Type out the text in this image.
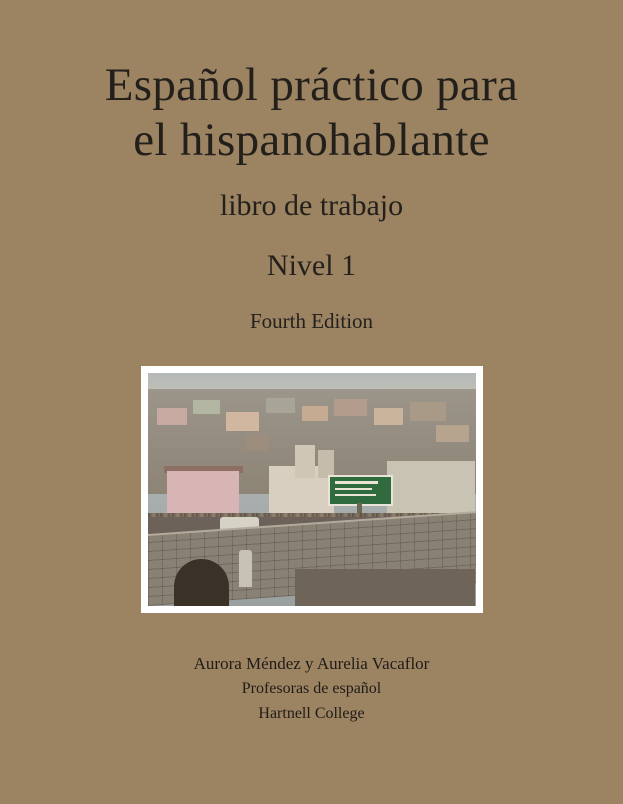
Español práctico para
el hispanohablante
libro de trabajo
Nivel 1
Fourth Edition
Aurora Méndez y Aurelia Vacaflor
Profesoras de español
Hartnell College
